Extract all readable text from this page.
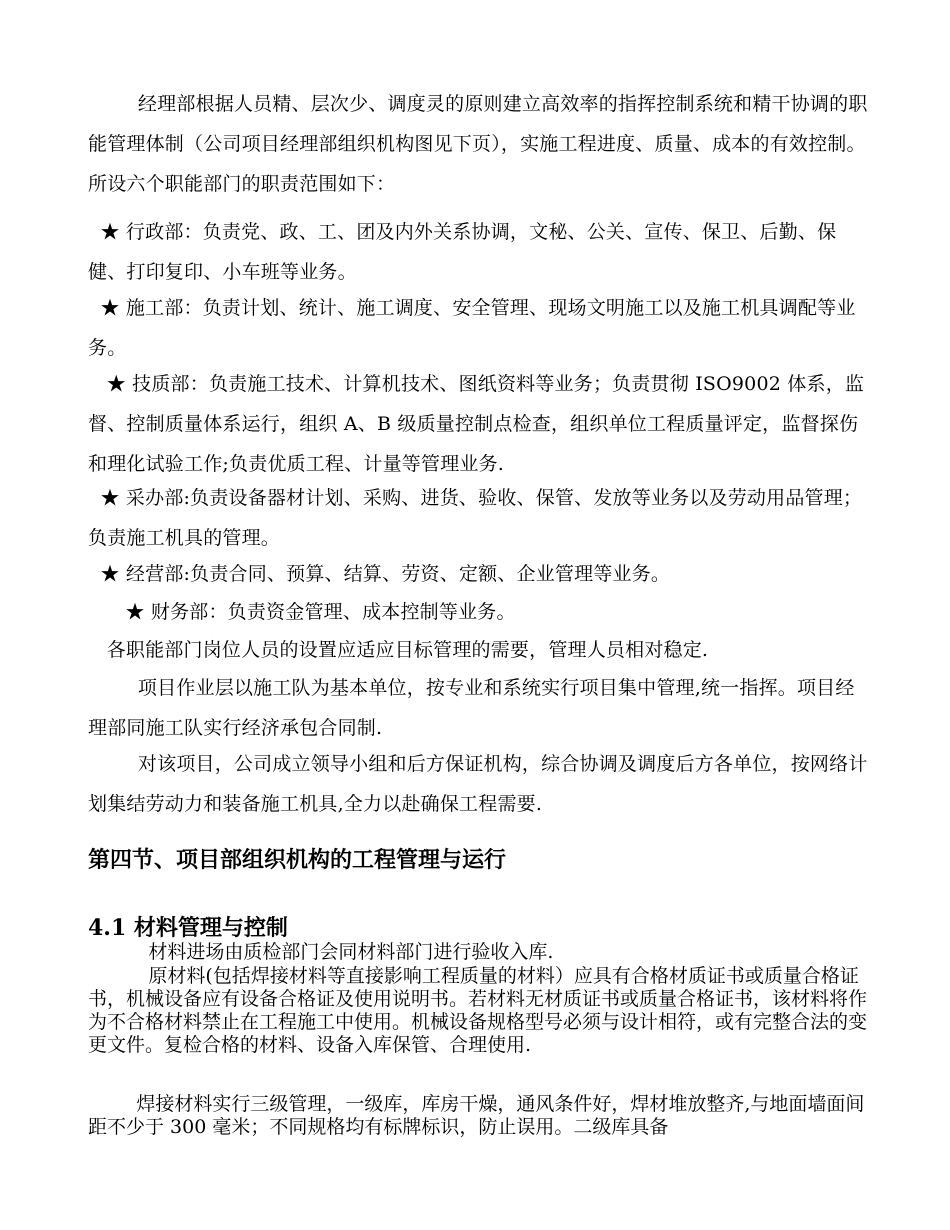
经理部根据人员精、层次少、调度灵的原则建立高效率的指挥控制系统和精干协调的职能管理体制（公司项目经理部组织机构图见下页），实施工程进度、质量、成本的有效控制。所设六个职能部门的职责范围如下：
★ 行政部：负责党、政、工、团及内外关系协调，文秘、公关、宣传、保卫、后勤、保健、打印复印、小车班等业务。
★ 施工部：负责计划、统计、施工调度、安全管理、现场文明施工以及施工机具调配等业务。
★ 技质部：负责施工技术、计算机技术、图纸资料等业务；负责贯彻 ISO9002 体系，监督、控制质量体系运行，组织 A、B 级质量控制点检查，组织单位工程质量评定，监督探伤和理化试验工作;负责优质工程、计量等管理业务.
★ 采办部:负责设备器材计划、采购、进货、验收、保管、发放等业务以及劳动用品管理；负责施工机具的管理。
★ 经营部:负责合同、预算、结算、劳资、定额、企业管理等业务。
★ 财务部：负责资金管理、成本控制等业务。
各职能部门岗位人员的设置应适应目标管理的需要，管理人员相对稳定.
项目作业层以施工队为基本单位，按专业和系统实行项目集中管理,统一指挥。项目经理部同施工队实行经济承包合同制.
对该项目，公司成立领导小组和后方保证机构，综合协调及调度后方各单位，按网络计划集结劳动力和装备施工机具,全力以赴确保工程需要.
第四节、项目部组织机构的工程管理与运行
4.1 材料管理与控制
材料进场由质检部门会同材料部门进行验收入库.
原材料(包括焊接材料等直接影响工程质量的材料）应具有合格材质证书或质量合格证书，机械设备应有设备合格证及使用说明书。若材料无材质证书或质量合格证书，该材料将作为不合格材料禁止在工程施工中使用。机械设备规格型号必须与设计相符，或有完整合法的变更文件。复检合格的材料、设备入库保管、合理使用.
焊接材料实行三级管理，一级库，库房干燥，通风条件好，焊材堆放整齐,与地面墙面间距不少于 300 毫米；不同规格均有标牌标识，防止误用。二级库具备
